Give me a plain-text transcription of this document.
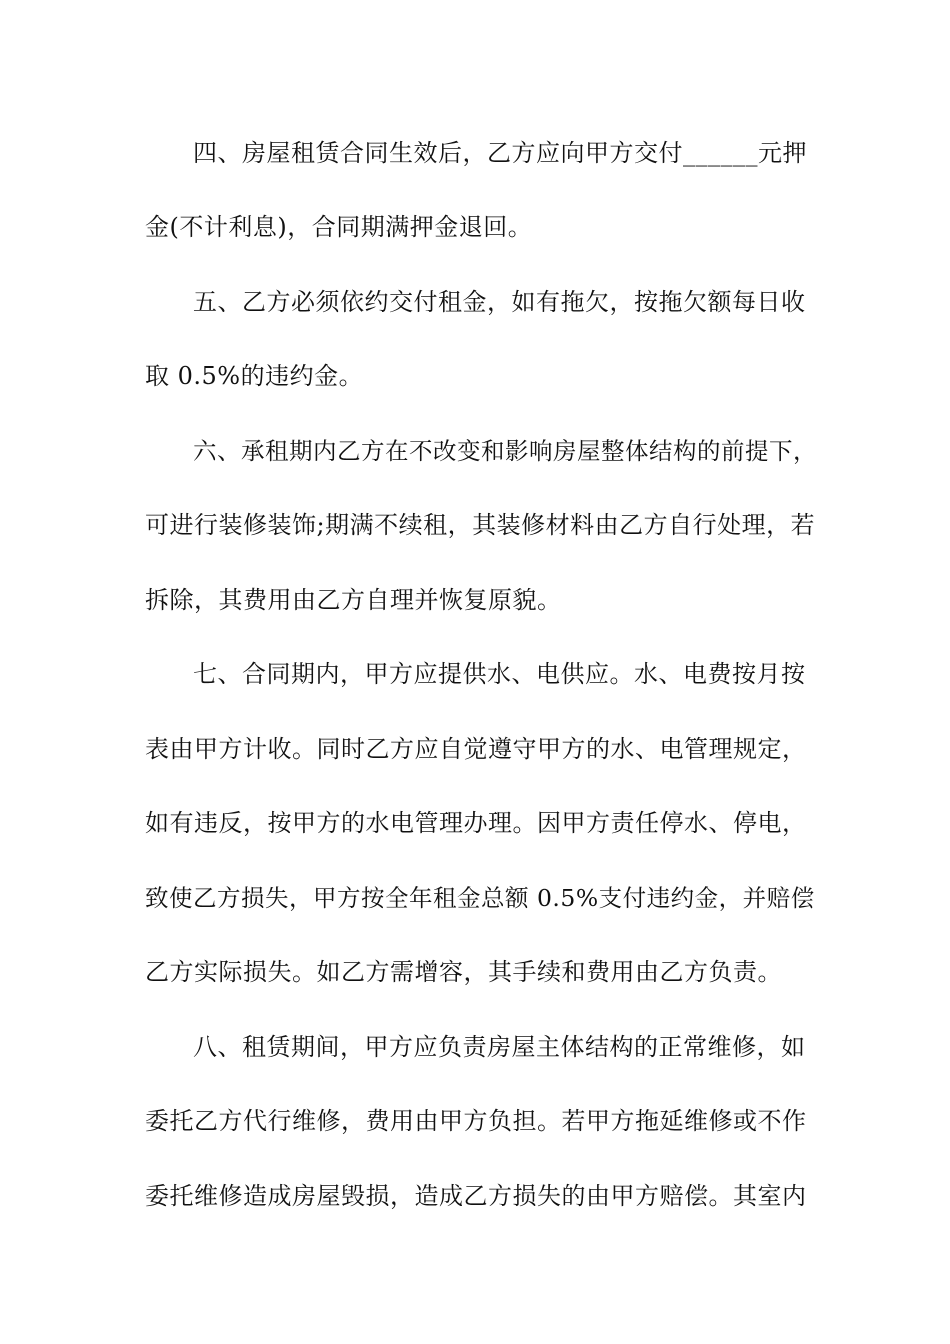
四、房屋租赁合同生效后，乙方应向甲方交付______元押
金(不计利息)，合同期满押金退回。
五、乙方必须依约交付租金，如有拖欠，按拖欠额每日收
取 0.5%的违约金。
六、承租期内乙方在不改变和影响房屋整体结构的前提下，
可进行装修装饰;期满不续租，其装修材料由乙方自行处理，若
拆除，其费用由乙方自理并恢复原貌。
七、合同期内，甲方应提供水、电供应。水、电费按月按
表由甲方计收。同时乙方应自觉遵守甲方的水、电管理规定，
如有违反，按甲方的水电管理办理。因甲方责任停水、停电，
致使乙方损失，甲方按全年租金总额 0.5%支付违约金，并赔偿
乙方实际损失。如乙方需增容，其手续和费用由乙方负责。
八、租赁期间，甲方应负责房屋主体结构的正常维修，如
委托乙方代行维修，费用由甲方负担。若甲方拖延维修或不作
委托维修造成房屋毁损，造成乙方损失的由甲方赔偿。其室内
